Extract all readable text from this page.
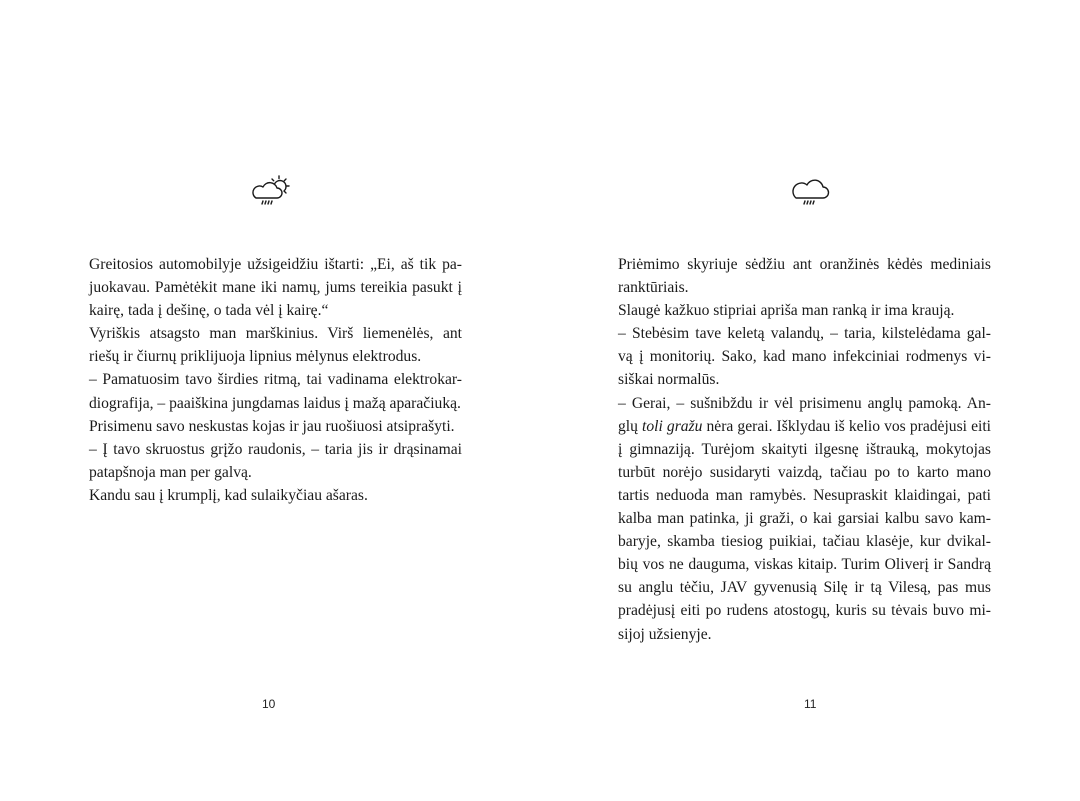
Greitosios automobilyje užsigeidžiu ištarti: „Ei, aš tik pa-
juokavau. Pamėtėkit mane iki namų, jums tereikia pasukt į
kairę, tada į dešinę, o tada vėl į kairę.“
Vyriškis atsagsto man marškinius. Virš liemenėlės, ant
riešų ir čiurnų priklijuoja lipnius mėlynus elektrodus.
– Pamatuosim tavo širdies ritmą, tai vadinama elektrokar-
diografija, – paaiškina jungdamas laidus į mažą aparačiuką.
Prisimenu savo neskustas kojas ir jau ruošiuosi atsiprašyti.
– Į tavo skruostus grįžo raudonis, – taria jis ir drąsinamai
patapšnoja man per galvą.
Kandu sau į krumplį, kad sulaikyčiau ašaras.
10
Priėmimo skyriuje sėdžiu ant oranžinės kėdės mediniais
ranktūriais.
Slaugė kažkuo stipriai apriša man ranką ir ima kraują.
– Stebėsim tave keletą valandų, – taria, kilstelėdama gal-
vą į monitorių. Sako, kad mano infekciniai rodmenys vi-
siškai normalūs.
– Gerai, – sušnibždu ir vėl prisimenu anglų pamoką. An-
glų toli gražu nėra gerai. Išklydau iš kelio vos pradėjusi eiti
į gimnaziją. Turėjom skaityti ilgesnę ištrauką, mokytojas
turbūt norėjo susidaryti vaizdą, tačiau po to karto mano
tartis neduoda man ramybės. Nesupraskit klaidingai, pati
kalba man patinka, ji graži, o kai garsiai kalbu savo kam-
baryje, skamba tiesiog puikiai, tačiau klasėje, kur dvikal-
bių vos ne dauguma, viskas kitaip. Turim Oliverį ir Sandrą
su anglu tėčiu, JAV gyvenusią Silę ir tą Vilesą, pas mus
pradėjusį eiti po rudens atostogų, kuris su tėvais buvo mi-
sijoj užsienyje.
11
